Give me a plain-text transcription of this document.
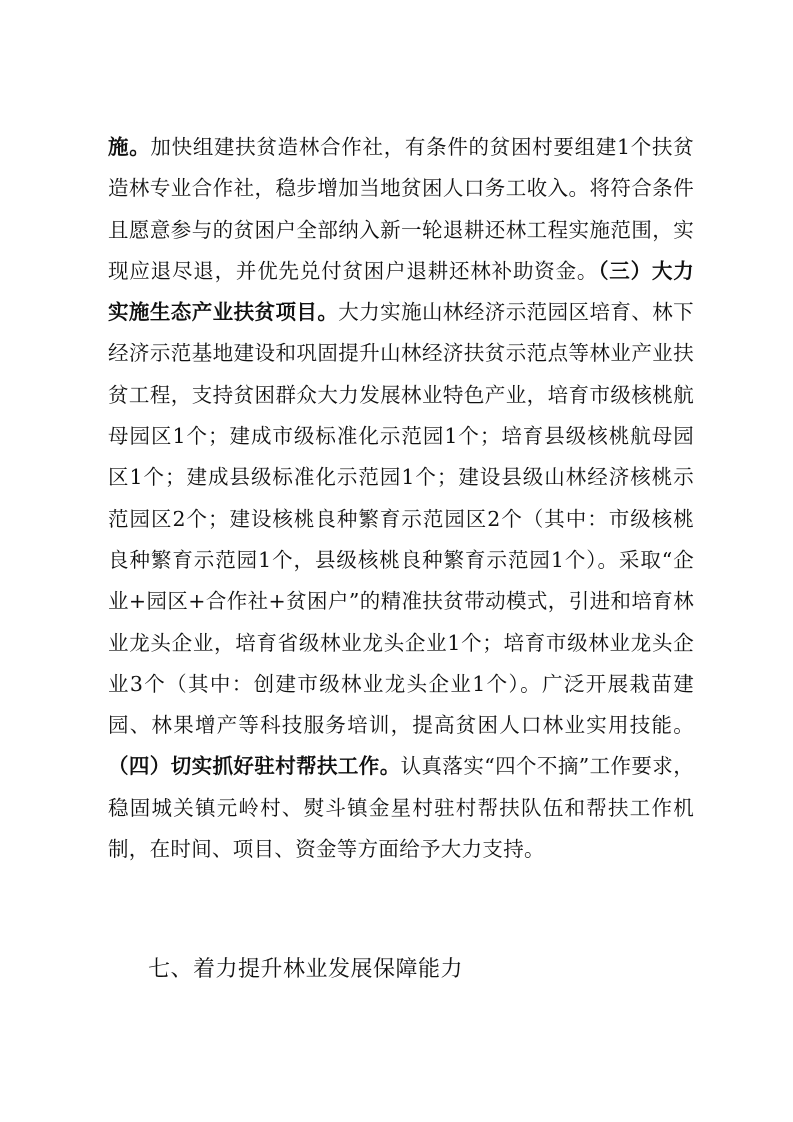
施。加快组建扶贫造林合作社，有条件的贫困村要组建1个扶贫造林专业合作社，稳步增加当地贫困人口务工收入。将符合条件且愿意参与的贫困户全部纳入新一轮退耕还林工程实施范围，实现应退尽退，并优先兑付贫困户退耕还林补助资金。（三）大力实施生态产业扶贫项目。大力实施山林经济示范园区培育、林下经济示范基地建设和巩固提升山林经济扶贫示范点等林业产业扶贫工程，支持贫困群众大力发展林业特色产业，培育市级核桃航母园区1个；建成市级标准化示范园1个；培育县级核桃航母园区1个；建成县级标准化示范园1个；建设县级山林经济核桃示范园区2个；建设核桃良种繁育示范园区2个（其中：市级核桃良种繁育示范园1个，县级核桃良种繁育示范园1个）。采取“企业+园区+合作社+贫困户”的精准扶贫带动模式，引进和培育林业龙头企业，培育省级林业龙头企业1个；培育市级林业龙头企业3个（其中：创建市级林业龙头企业1个）。广泛开展栽苗建园、林果增产等科技服务培训，提高贫困人口林业实用技能。（四）切实抓好驻村帮扶工作。认真落实“四个不摘”工作要求，稳固城关镇元岭村、熨斗镇金星村驻村帮扶队伍和帮扶工作机制，在时间、项目、资金等方面给予大力支持。

七、着力提升林业发展保障能力
